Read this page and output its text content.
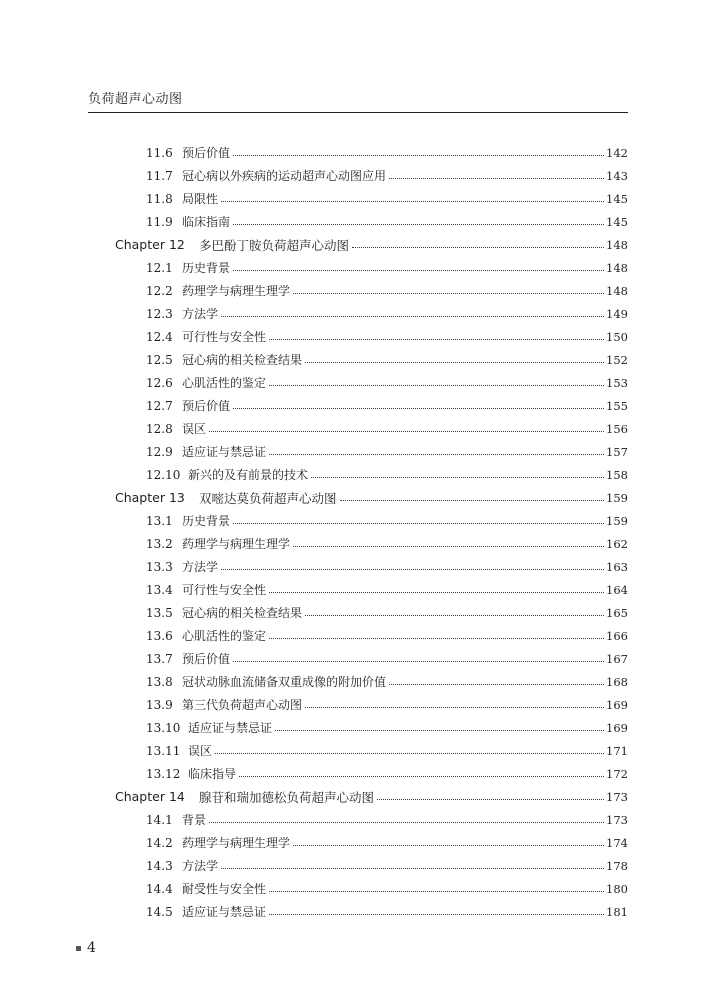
负荷超声心动图
11.6 预后价值	142
11.7 冠心病以外疾病的运动超声心动图应用	143
11.8 局限性	145
11.9 临床指南	145
Chapter 12	多巴酚丁胺负荷超声心动图	148
12.1 历史背景	148
12.2 药理学与病理生理学	148
12.3 方法学	149
12.4 可行性与安全性	150
12.5 冠心病的相关检查结果	152
12.6 心肌活性的鉴定	153
12.7 预后价值	155
12.8 误区	156
12.9 适应证与禁忌证	157
12.10 新兴的及有前景的技术	158
Chapter 13	双嘧达莫负荷超声心动图	159
13.1 历史背景	159
13.2 药理学与病理生理学	162
13.3 方法学	163
13.4 可行性与安全性	164
13.5 冠心病的相关检查结果	165
13.6 心肌活性的鉴定	166
13.7 预后价值	167
13.8 冠状动脉血流储备双重成像的附加价值	168
13.9 第三代负荷超声心动图	169
13.10 适应证与禁忌证	169
13.11 误区	171
13.12 临床指导	172
Chapter 14	腺苷和瑞加德松负荷超声心动图	173
14.1 背景	173
14.2 药理学与病理生理学	174
14.3 方法学	178
14.4 耐受性与安全性	180
14.5 适应证与禁忌证	181
4
